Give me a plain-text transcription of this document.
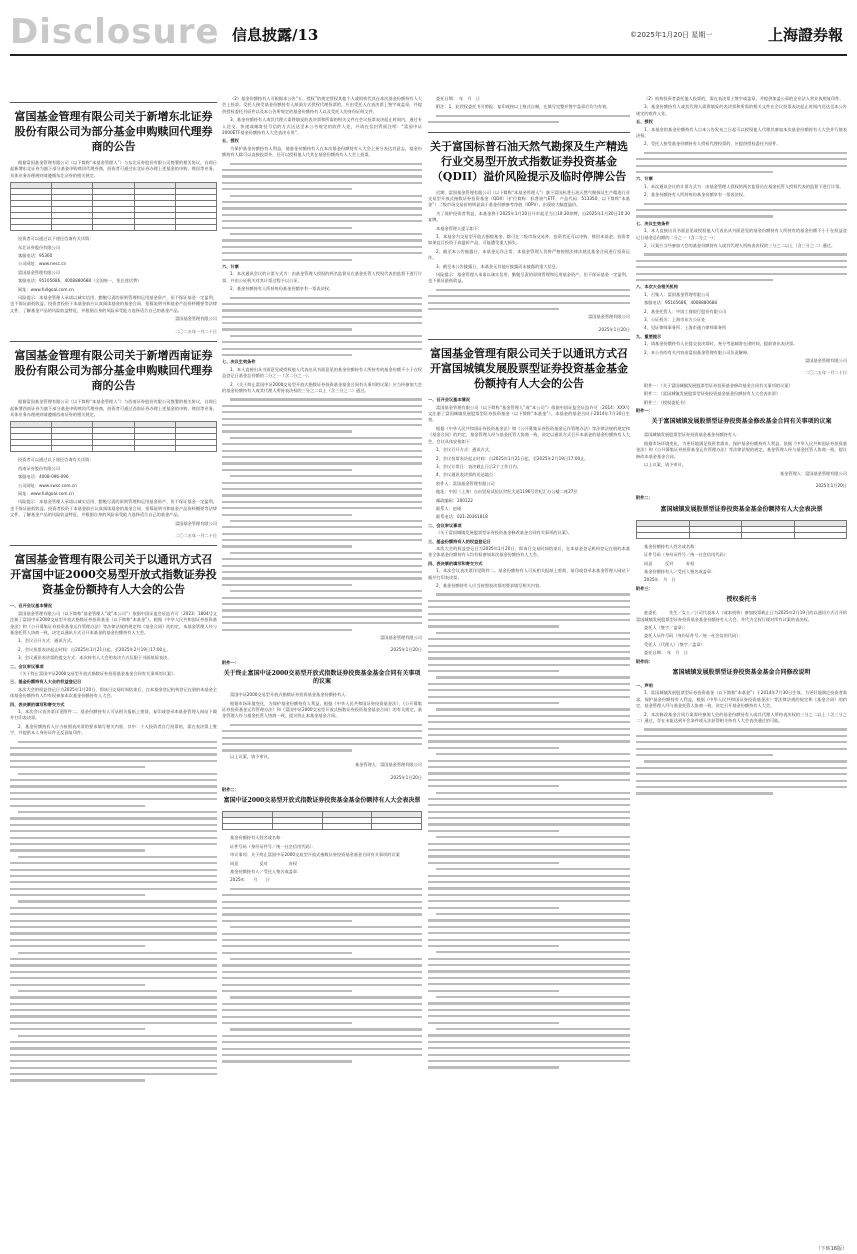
Disclosure 信息披露/13	©2025年1月20日 星期一	上海證券報
富国基金管理有限公司关于新增东北证券股份有限公司为部分基金申购赎回代理券商的公告

根据富国基金管理有限公司（以下简称“本基金管理人”）与东北证券股份有限公司签署的相关协议，自即日起新增东北证券为旗下部分基金申购赎回代理券商，投资者可通过东北证券办理上述基金的申购、赎回等业务，具体业务办理规则请遵循东北证券的相关规定。

投资者可以通过以下途径咨询有关详情：

东北证券股份有限公司

客服电话：95360

公司网址：www.nesc.cn

富国基金管理有限公司

客服电话：95105686，4008880688（全国统一，免长途话费）

网址：www.fullgoal.com.cn

风险提示：本基金管理人承诺以诚实信用、勤勉尽责的原则管理和运用基金资产，但不保证基金一定盈利，也不保证最低收益。投资者投资于本基金前应认真阅读基金的基金合同、招募说明书和基金产品资料概要等法律文件，了解基金产品的风险收益特征，并根据自身的风险承受能力选择适合自己的基金产品。

富国基金管理有限公司
二〇二五年一月二十日
富国基金管理有限公司关于新增西南证券股份有限公司为部分基金申购赎回代理券商的公告

根据富国基金管理有限公司（以下简称“本基金管理人”）与西南证券股份有限公司签署的相关协议，自即日起新增西南证券为旗下部分基金申购赎回代理券商，投资者可通过西南证券办理上述基金的申购、赎回等业务，具体业务办理规则请遵循西南证券的相关规定。

投资者可以通过以下途径咨询有关详情：

西南证券股份有限公司

客服电话：4008-096-096

公司网址：www.swsc.com.cn

网址：www.fullgoal.com.cn

风险提示：本基金管理人承诺以诚实信用、勤勉尽责的原则管理和运用基金资产，但不保证基金一定盈利，也不保证最低收益。投资者投资于本基金前应认真阅读基金的基金合同、招募说明书和基金产品资料概要等法律文件，了解基金产品的风险收益特征，并根据自身的风险承受能力选择适合自己的基金产品。

富国基金管理有限公司
二〇二五年一月二十日
富国基金管理有限公司关于以通讯方式召开富国中证2000交易型开放式指数证券投资基金份额持有人大会的公告

一、召开会议基本情况

富国基金管理有限公司（以下简称“基金管理人”或“本公司”）依据中国证监会证监许可〔2023〕1804号文注册了富国中证2000交易型开放式指数证券投资基金（以下简称“本基金”）。根据《中华人民共和国证券投资基金法》和《公开募集证券投资基金运作管理办法》等法律法规的规定和《基金合同》的约定，本基金管理人经与基金托管人协商一致，决定以通讯方式召开本基金的基金份额持有人大会。

1、会议召开方式：通讯方式。

2、会议投票表决起止时间：自2025年1月21日起，至2025年2月19日17:00止。

3、会议通讯表决票的提交方式：本次持有人大会的表决方式仅限于书面纸质表决。

二、会议审议事项

《关于终止富国中证2000交易型开放式指数证券投资基金基金合同有关事项的议案》。

三、基金份额持有人大会的权益登记日

本次大会的权益登记日为2025年1月20日，即该日交易时间结束后，在本基金登记机构登记在册的本基金全体基金份额持有人均有权参加本次基金份额持有人大会。

四、表决票的填写和寄交方式

1、本次会议表决票详见附件二。基金份额持有人可从相关报纸上剪裁、复印或登录本基金管理人网站下载并打印表决票。

2、基金份额持有人应当按照表决票的要求填写相关内容，其中：个人投资者自行投票的，需在表决票上签字，并提供本人身份证件正反面复印件。

（2）基金份额持有人可根据本公告“五、授权”的规定授权其他个人或机构代其在本次基金份额持有人大会上投票。受托人接受基金份额持有人纸面方式授权代理投票的，应由受托人在表决票上签字或盖章，并提供授权委托书原件以及本公告所规定的基金份额持有人以及受托人的身份证明文件。

3、基金份额持有人或其代理人需将填妥的表决票和所需的相关文件在会议投票表决起止时间内，通过专人送交、快递或邮寄挂号信的方式送达至本公告规定的收件人处，并请在信封背面注明：“富国中证2000ETF基金份额持有人大会表决专用”。

五、授权

为保护基金份额持有人利益，使基金份额持有人在本次基金份额持有人大会上充分表达其意志，基金份额持有人除可以直接投票外，还可以授权他人代其在基金份额持有人大会上投票。

六、计票

1、本次通讯会议的计票方式为：由基金管理人授权的两名监督员在基金托管人授权代表的监督下进行计票，并由公证机关对其计票过程予以公证。

2、基金份额持有人所持每份基金份额享有一票表决权。

七、决议生效条件

1、本人直接出具书面意见或授权他人代表出具书面意见的基金份额持有人所持有的基金份额不小于在权益登记日基金总份额的二分之一（含二分之一）；

2、《关于终止富国中证2000交易型开放式指数证券投资基金基金合同有关事项的议案》应当经参加大会的基金份额持有人或其代理人所持表决权的三分之二以上（含三分之二）通过。

富国基金管理有限公司
2025年1月20日

附件一：

关于终止富国中证2000交易型开放式指数证券投资基金基金合同有关事项的议案

富国中证2000交易型开放式指数证券投资基金基金份额持有人：

根据市场环境变化，为保护基金份额持有人利益，根据《中华人民共和国证券投资基金法》、《公开募集证券投资基金运作管理办法》和《富国中证2000交易型开放式指数证券投资基金基金合同》的有关规定，基金管理人经与基金托管人协商一致，提议终止本基金基金合同。

以上议案，请予审议。

基金管理人：富国基金管理有限公司
2025年1月20日

附件二：

富国中证2000交易型开放式指数证券投资基金基金份额持有人大会表决票

基金份额持有人姓名或名称：

证件号码（身份证件号／统一社会信用代码）：

审议事项：关于终止富国中证2000交易型开放式指数证券投资基金基金合同有关事项的议案

同意　　　　　反对　　　　　弃权

基金份额持有人／受托人签名或盖章：

2025年　　月　　日

委托日期：　年　月　日

附注：1、此授权委托书可剪报、复印或按以上格式自制，在填写完整并签字盖章后均为有效。

关于富国标普石油天然气勘探及生产精选行业交易型开放式指数证券投资基金（QDII）溢价风险提示及临时停牌公告

近期，富国基金管理有限公司（以下简称“本基金管理人”）旗下富国标普石油天然气勘探及生产精选行业交易型开放式指数证券投资基金（QDII）（扩位简称：标普油气ETF，产品代码：513350，以下简称“本基金”）二级市场交易价格明显高于基金份额参考净值（IOPV），出现较大幅度溢价。

为了保护投资者利益，本基金将于2025年1月20日开市起至当日10:30停牌，自2025年1月20日10:30复牌。

本基金管理人提示如下：

1、本基金为交易型开放式指数基金，除可在二级市场交易外，投资者还可以申购、赎回本基金。投资者如果盲目投资于高溢价产品，可能遭受重大损失。

2、截至本公告披露日，本基金运作正常，本基金管理人仍将严格按照法律法规及基金合同进行投资运作。

3、截至本公告披露日，本基金无其他应披露而未披露的重大信息。

风险提示：基金管理人承诺以诚实信用、勤勉尽责的原则管理和运用基金资产，但不保证基金一定盈利，也不保证最低收益。

富国基金管理有限公司
2025年1月20日
富国基金管理有限公司关于以通讯方式召开富国城镇发展股票型证券投资基金基金份额持有人大会的公告

一、召开会议基本情况

富国基金管理有限公司（以下简称“基金管理人”或“本公司”）依据中国证监会证监许可〔2014〕XXX号文注册了富国城镇发展股票型证券投资基金（以下简称“本基金”）。本基金的基金合同于2014年7月30日生效。

根据《中华人民共和国证券投资基金法》和《公开募集证券投资基金运作管理办法》等法律法规的规定和《基金合同》的约定，基金管理人经与基金托管人协商一致，决定以通讯方式召开本基金的基金份额持有人大会，会议具体安排如下：

1、会议召开方式：通讯方式。

2、会议投票表决起止时间：自2025年1月21日起，至2025年2月19日17:00止。

3、会议计票日：表决截止日后2个工作日内。

4、会议通讯表决票的送达地点：

收件人：富国基金管理有限公司

地址：中国（上海）自由贸易试验区世纪大道1196号世纪汇办公楼二座27层

邮政编码：200122

联系人：赵瑛

联系电话：021-20361818

二、会议审议事项

《关于富国城镇发展股票型证券投资基金修改基金合同有关事项的议案》。

三、基金份额持有人的权益登记日

本次大会的权益登记日为2025年1月20日，即该日交易时间结束后，在本基金登记机构登记在册的本基金全体基金份额持有人均有权参加本次基金份额持有人大会。

四、表决票的填写和寄交方式

1、本次会议表决票详见附件二。基金份额持有人可从相关报纸上剪裁、复印或登录本基金管理人网站下载并打印表决票。

2、基金份额持有人应当按照表决票的要求填写相关内容。

（2）机构投资者委托他人投票的，需在表决票上签字或盖章，并提供加盖公章的企业法人营业执照复印件。

3、基金份额持有人或其代理人需将填妥的表决票和所需的相关文件在会议投票表决起止时间内送达至本公告规定的收件人处。

五、授权

1、本基金的基金份额持有人自本公告发布之日起可以授权他人代理其参加本次基金份额持有人大会并行使表决权。

2、受托人接受基金份额持有人授权代理投票的，应提供授权委托书原件。

六、计票

1、本次通讯会议的计票方式为：由基金管理人授权的两名监督员在基金托管人授权代表的监督下进行计票。

2、基金份额持有人所持每份基金份额享有一票表决权。

七、决议生效条件

1、本人直接出具书面意见或授权他人代表出具书面意见的基金份额持有人所持有的基金份额不小于在权益登记日基金总份额的二分之一（含二分之一）；

2、议案应当经参加大会的基金份额持有人或其代理人所持表决权的三分之二以上（含三分之二）通过。

八、本次大会相关机构

1、召集人：富国基金管理有限公司

客服电话：95105686，4008880688

2、基金托管人：中国工商银行股份有限公司

3、公证机关：上海市东方公证处

4、见证律师事务所：上海市通力律师事务所

九、重要提示

1、请基金份额持有人在提交表决票时，充分考虑邮寄在途时间，提前寄出表决票。

2、本公告的有关内容由富国基金管理有限公司负责解释。

富国基金管理有限公司
二〇二五年一月二十日

附件一：《关于富国城镇发展股票型证券投资基金修改基金合同有关事项的议案》

附件二：《富国城镇发展股票型证券投资基金基金份额持有人大会表决票》

附件三：《授权委托书》

附件一：

关于富国城镇发展股票型证券投资基金修改基金合同有关事项的议案

富国城镇发展股票型证券投资基金基金份额持有人：

根据市场环境变化，为更好地满足投资者需求，保护基金份额持有人利益，依据《中华人民共和国证券投资基金法》和《公开募集证券投资基金运作管理办法》等法律法规的规定，基金管理人经与基金托管人协商一致，提议修改本基金基金合同。

以上议案，请予审议。

基金管理人：富国基金管理有限公司
2025年1月20日

附件二：

富国城镇发展股票型证券投资基金基金份额持有人大会表决票

基金份额持有人姓名或名称：

证件号码（身份证件号／统一社会信用代码）：

同意　　　反对　　　弃权

基金份额持有人／受托人签名或盖章：

2025年　月　日

附件三：

授权委托书

兹委托　　　先生／女士／公司代表本人（或本机构）参加投票截止日为2025年2月19日的以通讯方式召开的富国城镇发展股票型证券投资基金基金份额持有人大会，并代为全权行使对所有议案的表决权。

委托人（签字／盖章）：

委托人证件号码（身份证件号／统一社会信用代码）：

受托人（代理人）（签字／盖章）：

委托日期：　年　月　日

附件四：

富国城镇发展股票型证券投资基金基金合同修改说明

一、声明

1、富国城镇发展股票型证券投资基金（以下简称“本基金”）于2014年7月30日生效。为更好地满足投资者需求，保护基金份额持有人利益，根据《中华人民共和国证券投资基金法》等法律法规的规定和《基金合同》的约定，基金管理人经与基金托管人协商一致，决定召开基金份额持有人大会。

2、本次修改基金合同方案需经参加大会的基金份额持有人或其代理人所持表决权的三分之二以上（含三分之二）通过，存在未能达到开会条件或无法获得相关持有人大会表决通过的可能。

（下转16版）
